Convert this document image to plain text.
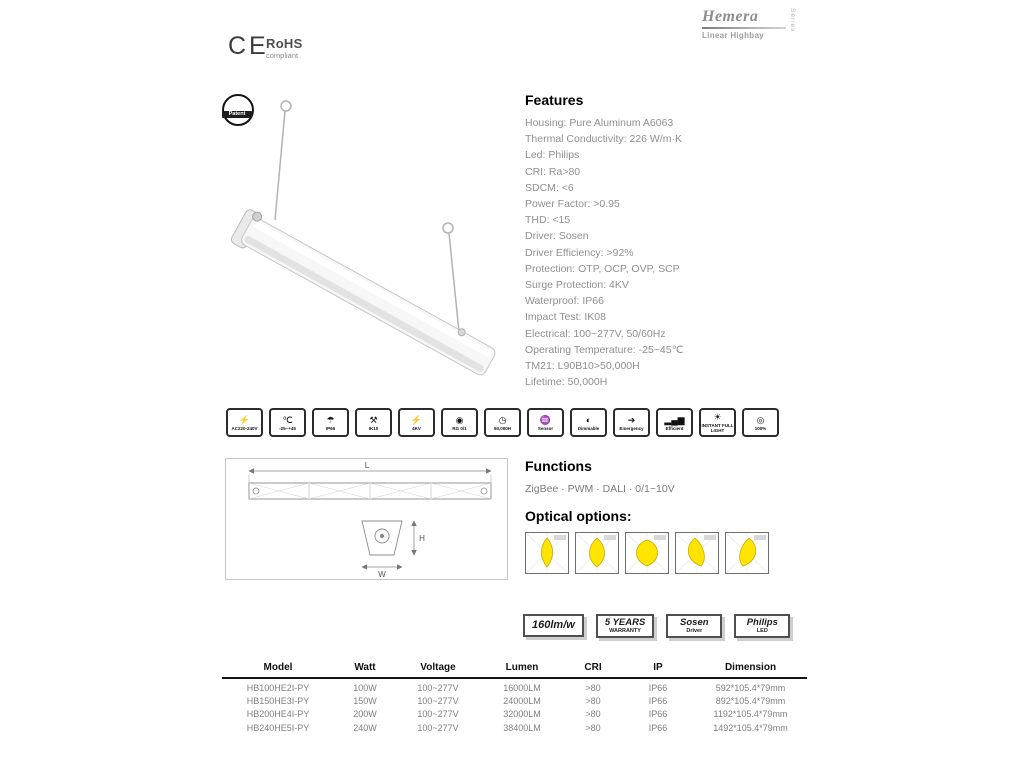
CE
RoHS
compliant
Hemera
Linear Highbay
Series
Patent
Features
Housing: Pure Aluminum A6063
Thermal Conductivity: 226 W/m·K
Led: Philips
CRI: Ra>80
SDCM: <6
Power Factor: >0.95
THD: <15
Driver: Sosen
Driver Efficiency: >92%
Protection: OTP, OCP, OVP, SCP
Surge Protection: 4KV
Waterproof: IP66
Impact Test: IK08
Electrical: 100~277V, 50/60Hz
Operating Temperature: -25~45℃
TM21: L90B10>50,000H
Lifetime: 50,000H
⚡
AC220-240V
℃
-25~+45
☂
IP66
⚒
IK10
⚡
4KV
◉
RG 0/1
◷
50,000H
♒
Sensor
◐
Dimmable
➔
Emergency
▂▄▆
Efficient
☀
INSTANT FULL LIGHT
◎
100%
L
H
W
Functions
ZigBee · PWM · DALI · 0/1~10V
Optical options:
160lm/w	5 YEARS
WARRANTY
Sosen
Driver
Philips
LED
Model	Watt	Voltage	Lumen	CRI	IP	Dimension
HB100HE2I-PY	100W	100~277V	16000LM	>80	IP66	592*105.4*79mm
HB150HE3I-PY	150W	100~277V	24000LM	>80	IP66	892*105.4*79mm
HB200HE4I-PY	200W	100~277V	32000LM	>80	IP66	1192*105.4*79mm
HB240HE5I-PY	240W	100~277V	38400LM	>80	IP66	1492*105.4*79mm
